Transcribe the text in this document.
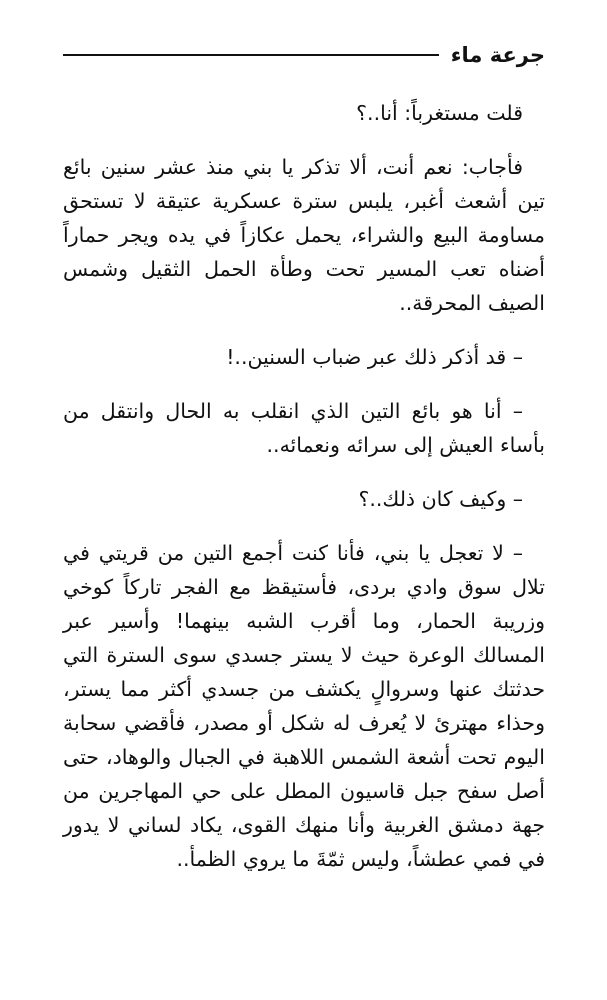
جرعة ماء

قلت مستغرباً: أنا..؟

فأجاب: نعم أنت، ألا تذكر يا بني منذ عشر سنين بائع تين أشعث أغبر، يلبس سترة عسكرية عتيقة لا تستحق مساومة البيع والشراء، يحمل عكازاً في يده ويجر حماراً أضناه تعب المسير تحت وطأة الحمل الثقيل وشمس الصيف المحرقة..

– قد أذكر ذلك عبر ضباب السنين..!

– أنا هو بائع التين الذي انقلب به الحال وانتقل من بأساء العيش إلى سرائه ونعمائه..

– وكيف كان ذلك..؟

– لا تعجل يا بني، فأنا كنت أجمع التين من قريتي في تلال سوق وادي بردى، فأستيقظ مع الفجر تاركاً كوخي وزريبة الحمار، وما أقرب الشبه بينهما! وأسير عبر المسالك الوعرة حيث لا يستر جسدي سوى السترة التي حدثتك عنها وسروالٍ يكشف من جسدي أكثر مما يستر، وحذاء مهترئ لا يُعرف له شكل أو مصدر، فأقضي سحابة اليوم تحت أشعة الشمس اللاهبة في الجبال والوهاد، حتى أصل سفح جبل قاسيون المطل على حي المهاجرين من جهة دمشق الغربية وأنا منهك القوى، يكاد لساني لا يدور في فمي عطشاً، وليس ثمّةَ ما يروي الظمأ..
